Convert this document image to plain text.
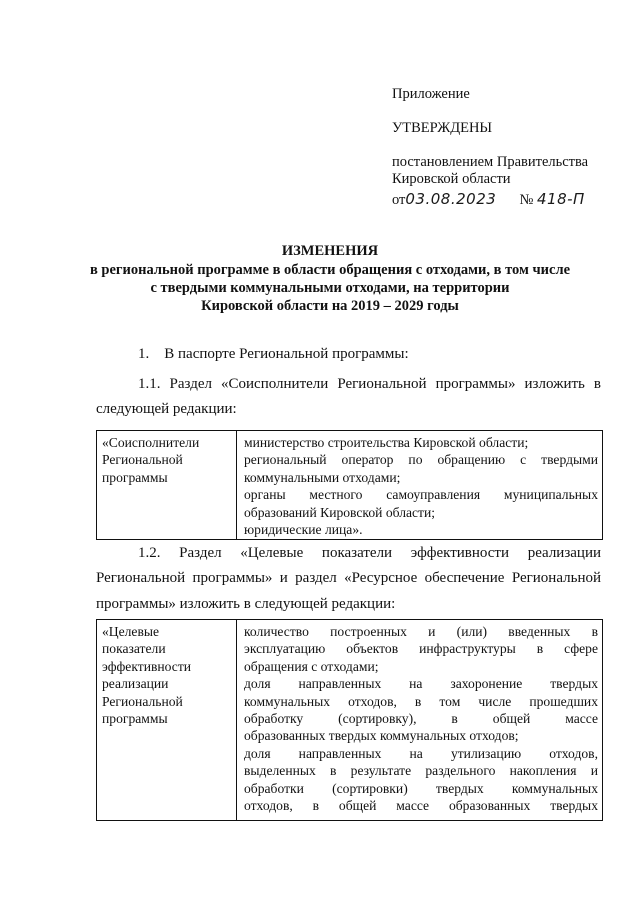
Приложение
УТВЕРЖДЕНЫ
постановлением Правительства
Кировской области
от03.08.2023 № 418-П
ИЗМЕНЕНИЯ
в региональной программе в области обращения с отходами, в том числе
с твердыми коммунальными отходами, на территории
Кировской области на 2019 – 2029 годы
1. В паспорте Региональной программы:
1.1. Раздел «Соисполнители Региональной программы» изложить в
следующей редакции:
«Соисполнители
Региональной
программы
министерство строительства Кировской области;
региональный оператор по обращению с твердыми
коммунальными отходами;
органы местного самоуправления муниципальных
образований Кировской области;
юридические лица».
1.2. Раздел «Целевые показатели эффективности реализации
Региональной программы» и раздел «Ресурсное обеспечение Региональной
программы» изложить в следующей редакции:
«Целевые
показатели
эффективности
реализации
Региональной
программы
количество построенных и (или) введенных в
эксплуатацию объектов инфраструктуры в сфере
обращения с отходами;
доля направленных на захоронение твердых
коммунальных отходов, в том числе прошедших
обработку (сортировку), в общей массе
образованных твердых коммунальных отходов;
доля направленных на утилизацию отходов,
выделенных в результате раздельного накопления и
обработки (сортировки) твердых коммунальных
отходов, в общей массе образованных твердых
